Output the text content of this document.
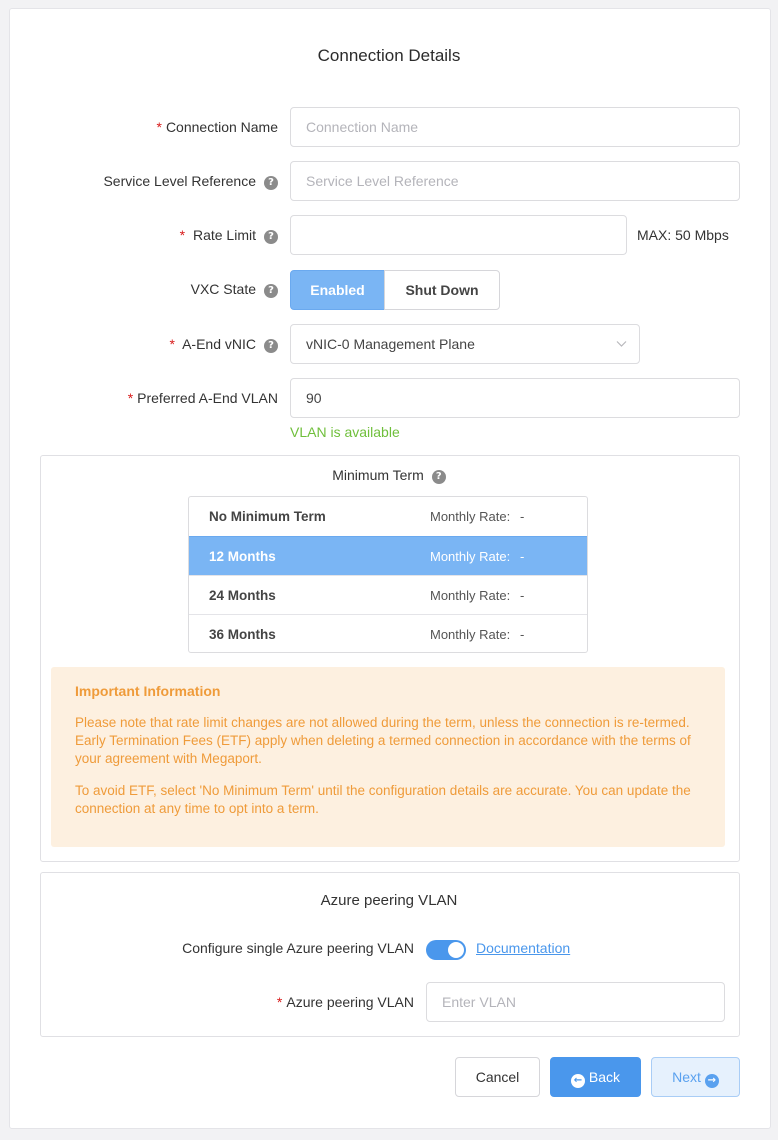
Connection Details
* Connection Name
Connection Name
Service Level Reference ?
Service Level Reference
* Rate Limit ?	MAX: 50 Mbps
VXC State ?	Enabled	Shut Down
* A-End vNIC ?	vNIC-0 Management Plane
* Preferred A-End VLAN
90
VLAN is available
Minimum Term ?
No Minimum Term	Monthly Rate: -
12 Months	Monthly Rate: -
24 Months	Monthly Rate: -
36 Months	Monthly Rate: -
Important Information

Please note that rate limit changes are not allowed during the term, unless the connection is re-termed. Early Termination Fees (ETF) apply when deleting a termed connection in accordance with the terms of your agreement with Megaport.

To avoid ETF, select 'No Minimum Term' until the configuration details are accurate. You can update the connection at any time to opt into a term.

Azure peering VLAN
Configure single Azure peering VLAN	Documentation
* Azure peering VLAN
Enter VLAN
Cancel	← Back	Next →
